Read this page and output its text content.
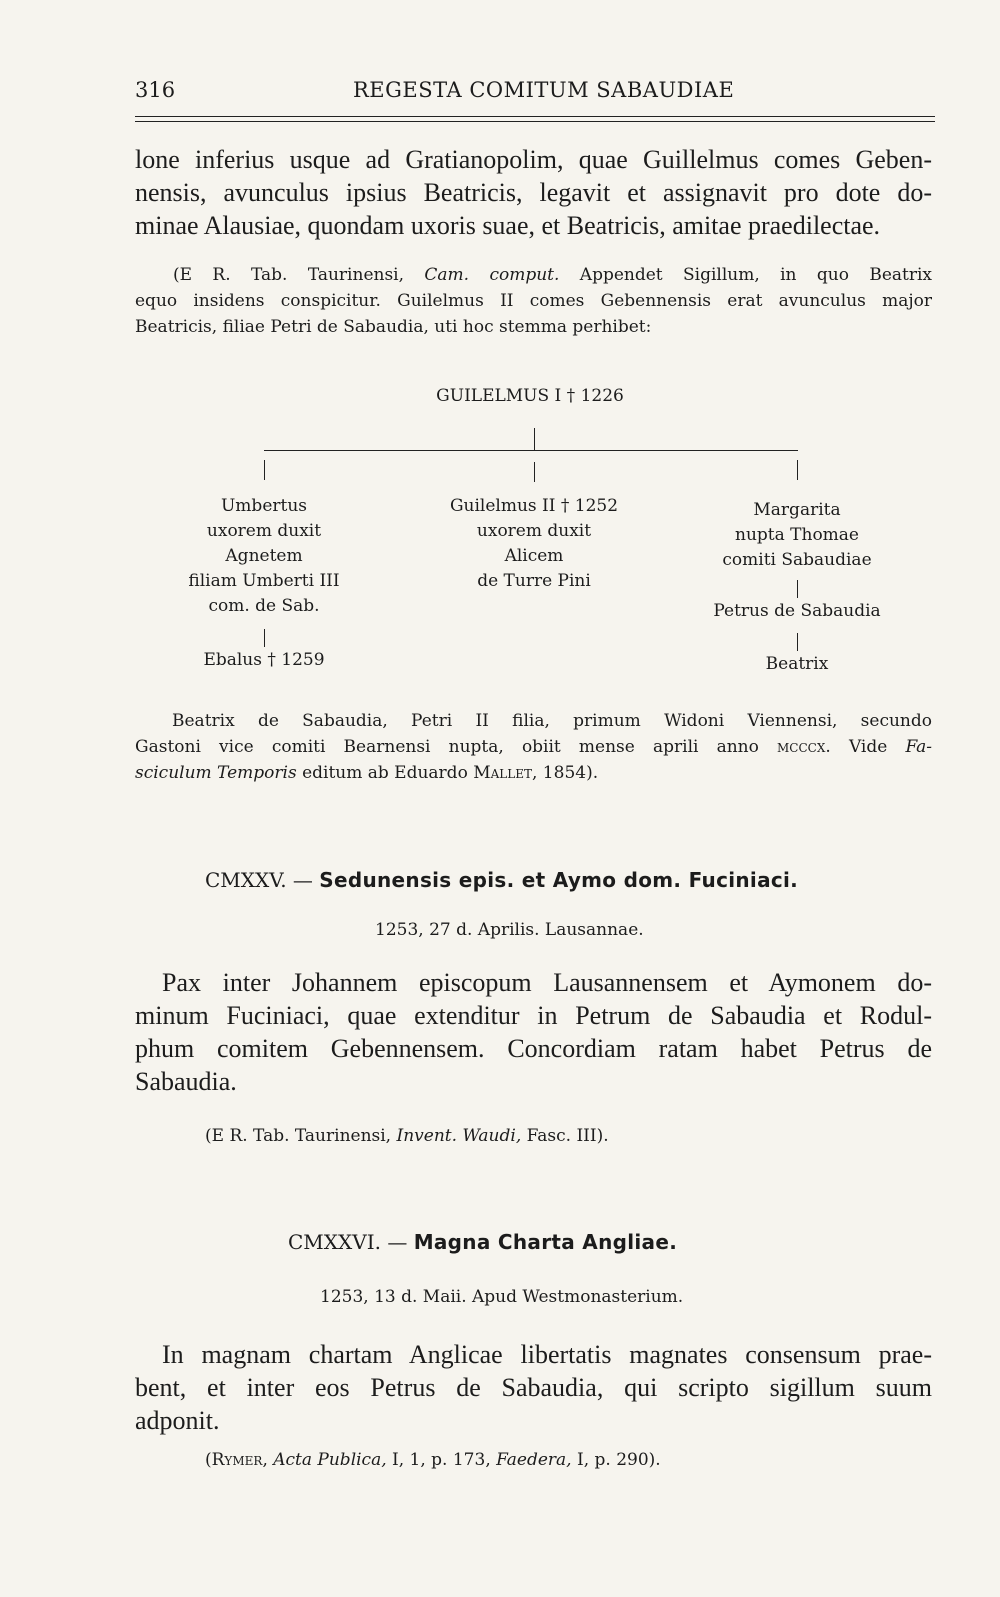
316	REGESTA COMITUM SABAUDIAE
lone inferius usque ad Gratianopolim, quae Guillelmus comes Geben-
nensis, avunculus ipsius Beatricis, legavit et assignavit pro dote do-
minae Alausiae, quondam uxoris suae, et Beatricis, amitae praedilectae.
(E R. Tab. Taurinensi, Cam. comput. Appendet Sigillum, in quo Beatrix
equo insidens conspicitur. Guilelmus II comes Gebennensis erat avunculus major
Beatricis, filiae Petri de Sabaudia, uti hoc stemma perhibet:
GUILELMUS I † 1226
Umbertus
uxorem duxit
Agnetem
filiam Umberti III
com. de Sab.
Ebalus † 1259
Guilelmus II † 1252
uxorem duxit
Alicem
de Turre Pini
Margarita
nupta Thomae
comiti Sabaudiae
Petrus de Sabaudia
Beatrix
Beatrix de Sabaudia, Petri II filia, primum Widoni Viennensi, secundo
Gastoni vice comiti Bearnensi nupta, obiit mense aprili anno mcccx. Vide Fa-
sciculum Temporis editum ab Eduardo Mallet, 1854).
CMXXV. — Sedunensis epis. et Aymo dom. Fuciniaci.
1253, 27 d. Aprilis. Lausannae.
Pax inter Johannem episcopum Lausannensem et Aymonem do-
minum Fuciniaci, quae extenditur in Petrum de Sabaudia et Rodul-
phum comitem Gebennensem. Concordiam ratam habet Petrus de
Sabaudia.
(E R. Tab. Taurinensi, Invent. Waudi, Fasc. III).
CMXXVI. — Magna Charta Angliae.
1253, 13 d. Maii. Apud Westmonasterium.
In magnam chartam Anglicae libertatis magnates consensum prae-
bent, et inter eos Petrus de Sabaudia, qui scripto sigillum suum
adponit.
(Rymer, Acta Publica, I, 1, p. 173, Faedera, I, p. 290).
